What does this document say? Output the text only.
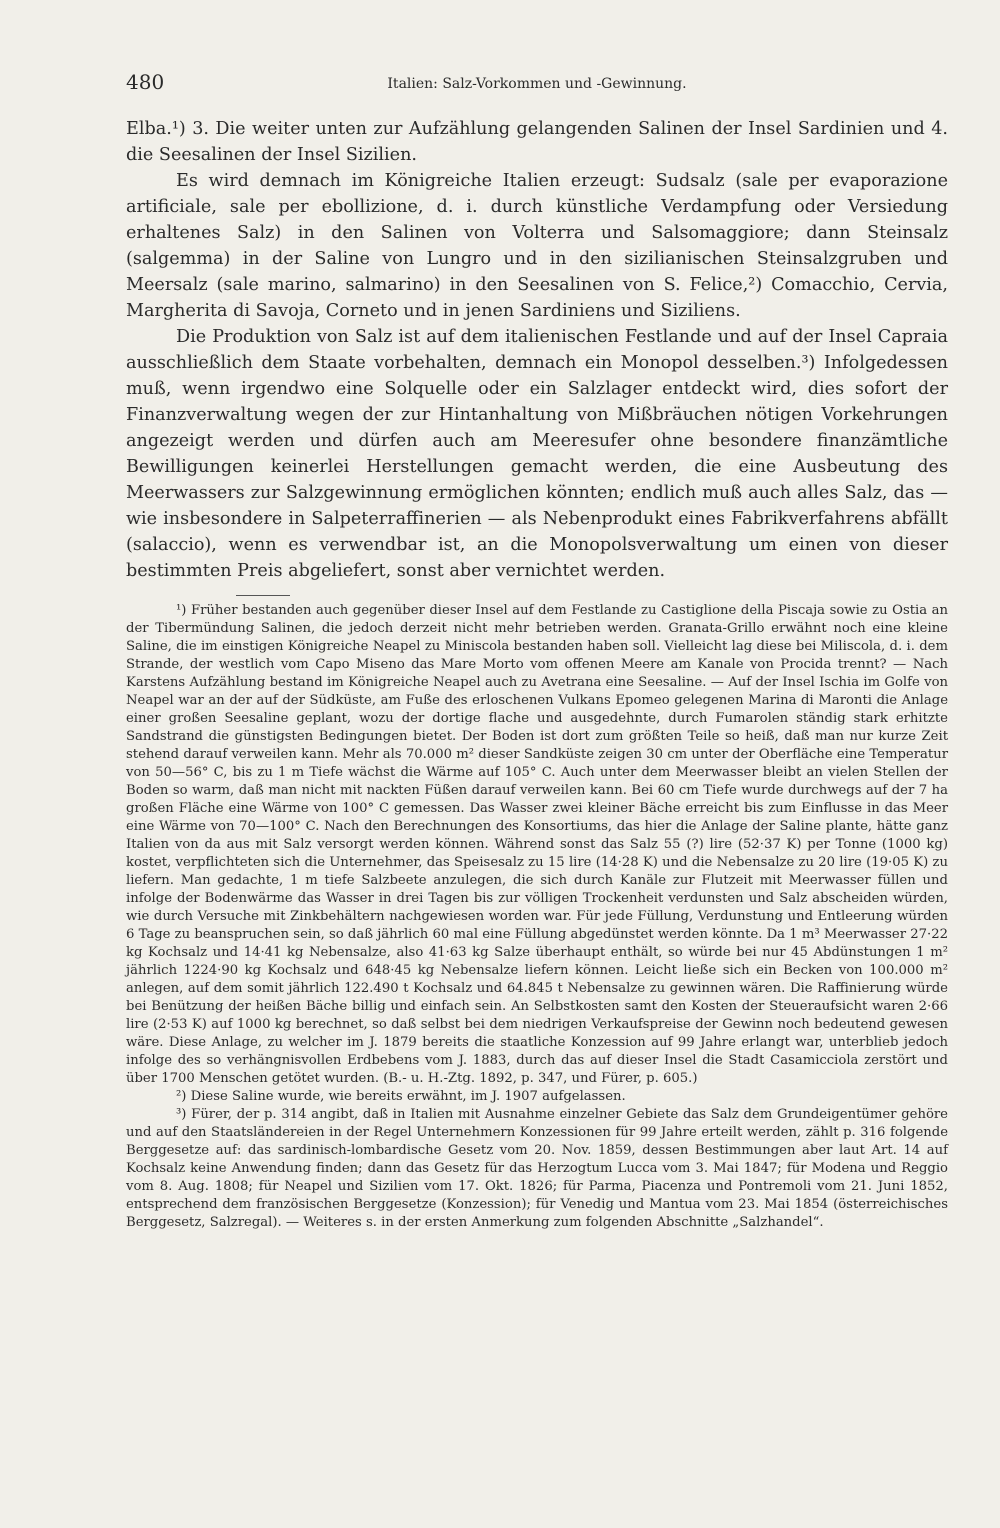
480	Italien: Salz-Vorkommen und -Gewinnung.

Elba.¹) 3. Die weiter unten zur Aufzählung gelangenden Salinen der Insel Sardinien und 4. die Seesalinen der Insel Sizilien.

Es wird demnach im Königreiche Italien erzeugt: Sudsalz (sale per evaporazione artificiale, sale per ebollizione, d. i. durch künstliche Verdampfung oder Versiedung erhaltenes Salz) in den Salinen von Volterra und Salsomaggiore; dann Steinsalz (salgemma) in der Saline von Lungro und in den sizilianischen Steinsalzgruben und Meersalz (sale marino, salmarino) in den Seesalinen von S. Felice,²) Comacchio, Cervia, Margherita di Savoja, Corneto und in jenen Sardiniens und Siziliens.

Die Produktion von Salz ist auf dem italienischen Festlande und auf der Insel Capraia ausschließlich dem Staate vorbehalten, demnach ein Monopol desselben.³) Infolgedessen muß, wenn irgendwo eine Solquelle oder ein Salzlager entdeckt wird, dies sofort der Finanzverwaltung wegen der zur Hintanhaltung von Mißbräuchen nötigen Vorkehrungen angezeigt werden und dürfen auch am Meeresufer ohne besondere finanzämtliche Bewilligungen keinerlei Herstellungen gemacht werden, die eine Ausbeutung des Meerwassers zur Salzgewinnung ermöglichen könnten; endlich muß auch alles Salz, das — wie insbesondere in Salpeterraffinerien — als Nebenprodukt eines Fabrikverfahrens abfällt (salaccio), wenn es verwendbar ist, an die Monopolsverwaltung um einen von dieser bestimmten Preis abgeliefert, sonst aber vernichtet werden.

¹) Früher bestanden auch gegenüber dieser Insel auf dem Festlande zu Castiglione della Piscaja sowie zu Ostia an der Tibermündung Salinen, die jedoch derzeit nicht mehr betrieben werden. Granata-Grillo erwähnt noch eine kleine Saline, die im einstigen Königreiche Neapel zu Miniscola bestanden haben soll. Vielleicht lag diese bei Miliscola, d. i. dem Strande, der westlich vom Capo Miseno das Mare Morto vom offenen Meere am Kanale von Procida trennt? — Nach Karstens Aufzählung bestand im Königreiche Neapel auch zu Avetrana eine Seesaline. — Auf der Insel Ischia im Golfe von Neapel war an der auf der Südküste, am Fuße des erloschenen Vulkans Epomeo gelegenen Marina di Maronti die Anlage einer großen Seesaline geplant, wozu der dortige flache und ausgedehnte, durch Fumarolen ständig stark erhitzte Sandstrand die günstigsten Bedingungen bietet. Der Boden ist dort zum größten Teile so heiß, daß man nur kurze Zeit stehend darauf verweilen kann. Mehr als 70.000 m² dieser Sandküste zeigen 30 cm unter der Oberfläche eine Temperatur von 50—56° C, bis zu 1 m Tiefe wächst die Wärme auf 105° C. Auch unter dem Meerwasser bleibt an vielen Stellen der Boden so warm, daß man nicht mit nackten Füßen darauf verweilen kann. Bei 60 cm Tiefe wurde durchwegs auf der 7 ha großen Fläche eine Wärme von 100° C gemessen. Das Wasser zwei kleiner Bäche erreicht bis zum Einflusse in das Meer eine Wärme von 70—100° C. Nach den Berechnungen des Konsortiums, das hier die Anlage der Saline plante, hätte ganz Italien von da aus mit Salz versorgt werden können. Während sonst das Salz 55 (?) lire (52·37 K) per Tonne (1000 kg) kostet, verpflichteten sich die Unternehmer, das Speisesalz zu 15 lire (14·28 K) und die Nebensalze zu 20 lire (19·05 K) zu liefern. Man gedachte, 1 m tiefe Salzbeete anzulegen, die sich durch Kanäle zur Flutzeit mit Meerwasser füllen und infolge der Bodenwärme das Wasser in drei Tagen bis zur völligen Trockenheit verdunsten und Salz abscheiden würden, wie durch Versuche mit Zinkbehältern nachgewiesen worden war. Für jede Füllung, Verdunstung und Entleerung würden 6 Tage zu beanspruchen sein, so daß jährlich 60 mal eine Füllung abgedünstet werden könnte. Da 1 m³ Meerwasser 27·22 kg Kochsalz und 14·41 kg Nebensalze, also 41·63 kg Salze überhaupt enthält, so würde bei nur 45 Abdünstungen 1 m² jährlich 1224·90 kg Kochsalz und 648·45 kg Nebensalze liefern können. Leicht ließe sich ein Becken von 100.000 m² anlegen, auf dem somit jährlich 122.490 t Kochsalz und 64.845 t Nebensalze zu gewinnen wären. Die Raffinierung würde bei Benützung der heißen Bäche billig und einfach sein. An Selbstkosten samt den Kosten der Steueraufsicht waren 2·66 lire (2·53 K) auf 1000 kg berechnet, so daß selbst bei dem niedrigen Verkaufspreise der Gewinn noch bedeutend gewesen wäre. Diese Anlage, zu welcher im J. 1879 bereits die staatliche Konzession auf 99 Jahre erlangt war, unterblieb jedoch infolge des so verhängnisvollen Erdbebens vom J. 1883, durch das auf dieser Insel die Stadt Casamicciola zerstört und über 1700 Menschen getötet wurden. (B.- u. H.-Ztg. 1892, p. 347, und Fürer, p. 605.)

²) Diese Saline wurde, wie bereits erwähnt, im J. 1907 aufgelassen.

³) Fürer, der p. 314 angibt, daß in Italien mit Ausnahme einzelner Gebiete das Salz dem Grundeigentümer gehöre und auf den Staatsländereien in der Regel Unternehmern Konzessionen für 99 Jahre erteilt werden, zählt p. 316 folgende Berggesetze auf: das sardinisch-lombardische Gesetz vom 20. Nov. 1859, dessen Bestimmungen aber laut Art. 14 auf Kochsalz keine Anwendung finden; dann das Gesetz für das Herzogtum Lucca vom 3. Mai 1847; für Modena und Reggio vom 8. Aug. 1808; für Neapel und Sizilien vom 17. Okt. 1826; für Parma, Piacenza und Pontremoli vom 21. Juni 1852, entsprechend dem französischen Berggesetze (Konzession); für Venedig und Mantua vom 23. Mai 1854 (österreichisches Berggesetz, Salzregal). — Weiteres s. in der ersten Anmerkung zum folgenden Abschnitte „Salzhandel“.
